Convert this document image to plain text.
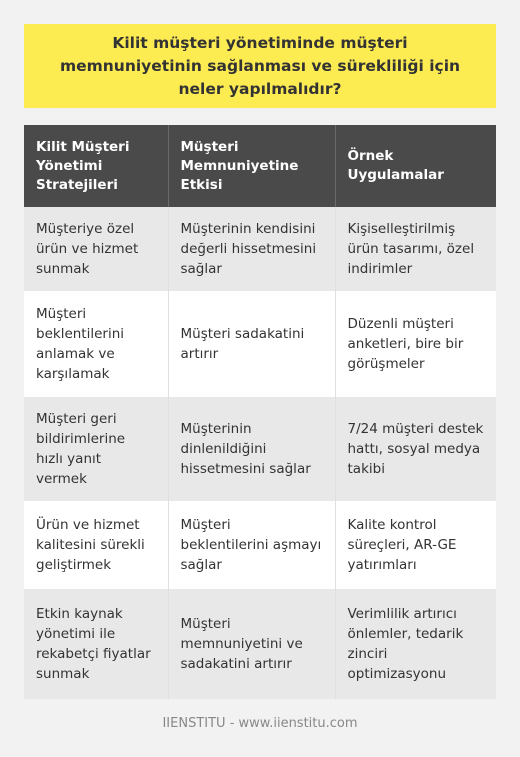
Kilit müşteri yönetiminde müşteri memnuniyetinin sağlanması ve sürekliliği için neler yapılmalıdır?
Kilit Müşteri Yönetimi Stratejileri	Müşteri Memnuniyetine Etkisi	Örnek Uygulamalar
Müşteriye özel ürün ve hizmet sunmak	Müşterinin kendisini değerli hissetmesini sağlar	Kişiselleştirilmiş ürün tasarımı, özel indirimler
Müşteri beklentilerini anlamak ve karşılamak	Müşteri sadakatini artırır	Düzenli müşteri anketleri, bire bir görüşmeler
Müşteri geri bildirimlerine hızlı yanıt vermek	Müşterinin dinlenildiğini hissetmesini sağlar	7/24 müşteri destek hattı, sosyal medya takibi
Ürün ve hizmet kalitesini sürekli geliştirmek	Müşteri beklentilerini aşmayı sağlar	Kalite kontrol süreçleri, AR-GE yatırımları
Etkin kaynak yönetimi ile rekabetçi fiyatlar sunmak	Müşteri memnuniyetini ve sadakatini artırır	Verimlilik artırıcı önlemler, tedarik zinciri optimizasyonu
IIENSTITU - www.iienstitu.com
